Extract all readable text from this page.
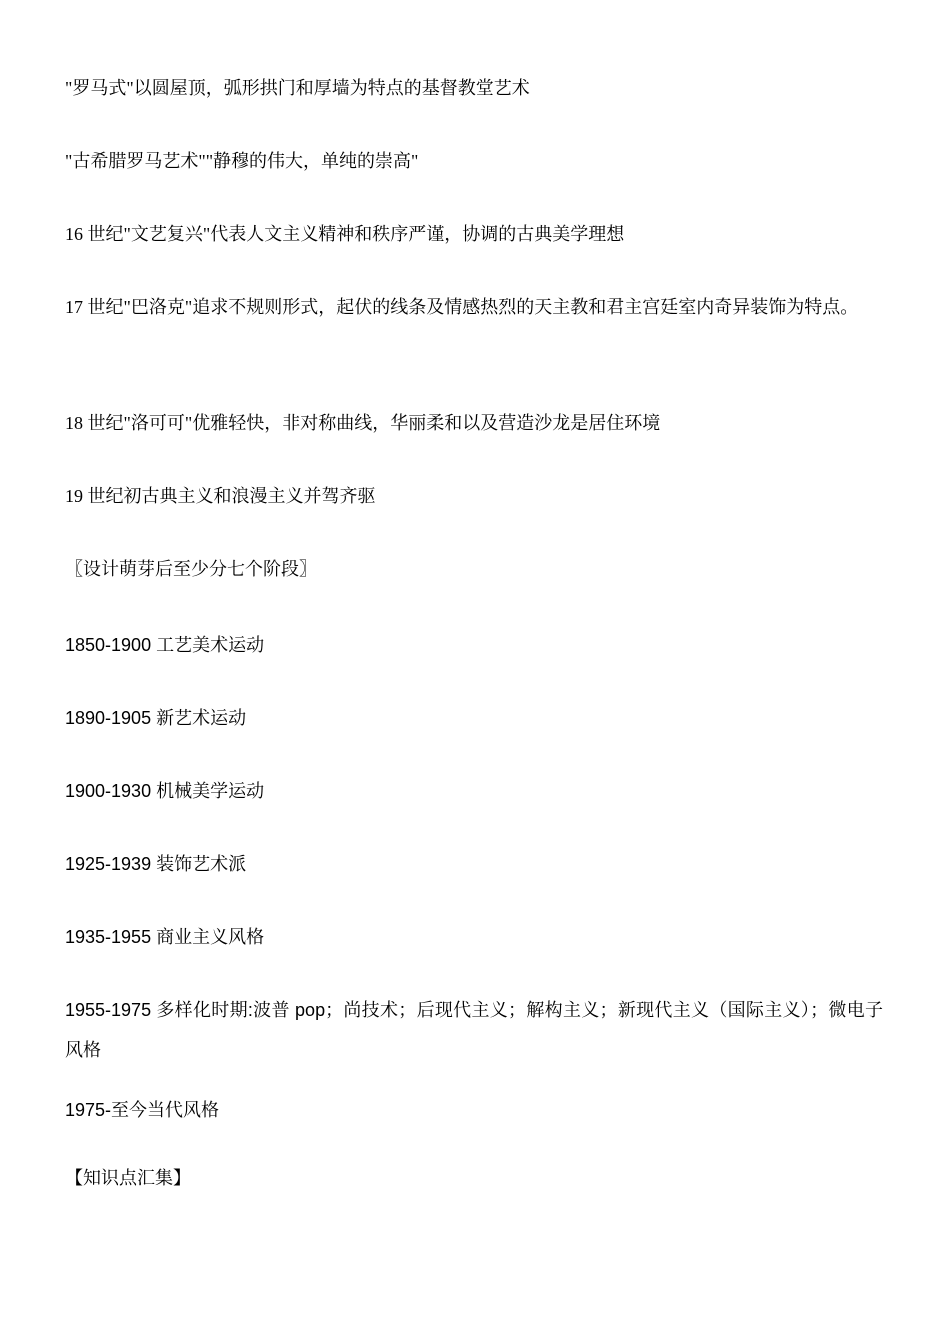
"罗马式"以圆屋顶，弧形拱门和厚墙为特点的基督教堂艺术
"古希腊罗马艺术""静穆的伟大，单纯的崇高"
16 世纪"文艺复兴"代表人文主义精神和秩序严谨，协调的古典美学理想
17 世纪"巴洛克"追求不规则形式，起伏的线条及情感热烈的天主教和君主宫廷室内奇异装饰为特点。
18 世纪"洛可可"优雅轻快，非对称曲线，华丽柔和以及营造沙龙是居住环境
19 世纪初古典主义和浪漫主义并驾齐驱
〖设计萌芽后至少分七个阶段〗
1850-1900 工艺美术运动
1890-1905 新艺术运动
1900-1930 机械美学运动
1925-1939 装饰艺术派
1935-1955 商业主义风格
1955-1975 多样化时期:波普 pop；尚技术；后现代主义；解构主义；新现代主义（国际主义）；微电子风格
1975-至今当代风格
【知识点汇集】
